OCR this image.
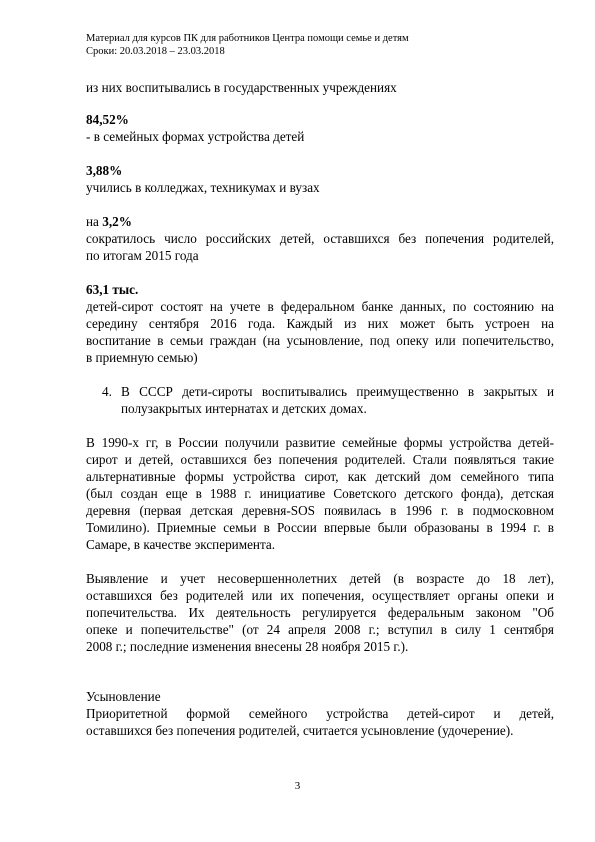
Материал для курсов ПК для работников Центра помощи семье и детям
Сроки: 20.03.2018 – 23.03.2018
из них воспитывались в государственных учреждениях
84,52%
- в семейных формах устройства детей
3,88%
учились в колледжах, техникумах и вузах
на 3,2%
сократилось число российских детей, оставшихся без попечения родителей,
по итогам 2015 года
63,1 тыс.
детей-сирот состоят на учете в федеральном банке данных, по состоянию на
середину сентября 2016 года. Каждый из них может быть устроен на
воспитание в семьи граждан (на усыновление, под опеку или попечительство,
в приемную семью)
4. В СССР дети-сироты воспитывались преимущественно в закрытых и
полузакрытых интернатах и детских домах.
В 1990-х гг, в России получили развитие семейные формы устройства детей-
сирот и детей, оставшихся без попечения родителей. Стали появляться такие
альтернативные формы устройства сирот, как детский дом семейного типа
(был создан еще в 1988 г. инициативе Советского детского фонда), детская
деревня (первая детская деревня-SOS появилась в 1996 г. в подмосковном
Томилино). Приемные семьи в России впервые были образованы в 1994 г. в
Самаре, в качестве эксперимента.
Выявление и учет несовершеннолетних детей (в возрасте до 18 лет),
оставшихся без родителей или их попечения, осуществляет органы опеки и
попечительства. Их деятельность регулируется федеральным законом "Об
опеке и попечительстве" (от 24 апреля 2008 г.; вступил в силу 1 сентября
2008 г.; последние изменения внесены 28 ноября 2015 г.).
Усыновление
Приоритетной формой семейного устройства детей-сирот и детей,
оставшихся без попечения родителей, считается усыновление (удочерение).
3
